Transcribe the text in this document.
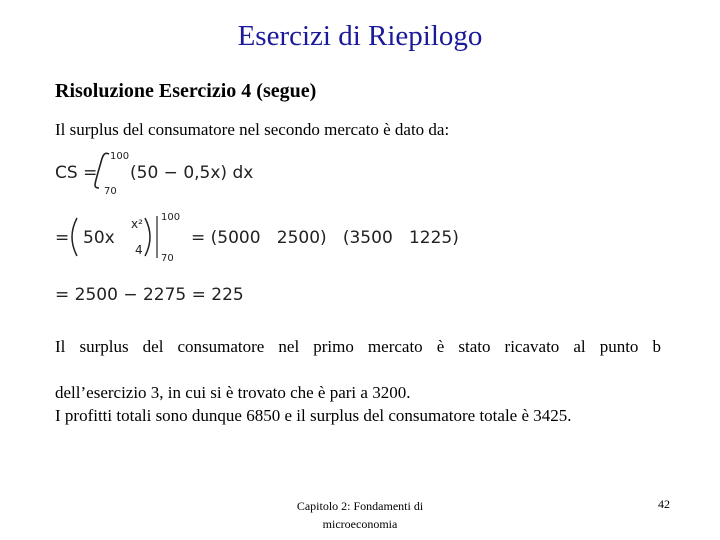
Esercizi di Riepilogo
Risoluzione Esercizio 4 (segue)
Il surplus del consumatore nel secondo mercato è dato da:
CS =
100
70
(50 − 0,5x) dx
= 50x
x²
4
100
70
= (5000   2500)   (3500   1225)
= 2500 − 2275 = 225
Il surplus del consumatore nel primo mercato è stato ricavato al punto b
dell’esercizio 3, in cui si è trovato che è pari a 3200.
I profitti totali sono dunque 6850 e il surplus del consumatore totale è 3425.
Capitolo 2: Fondamenti di
microeconomia
42
